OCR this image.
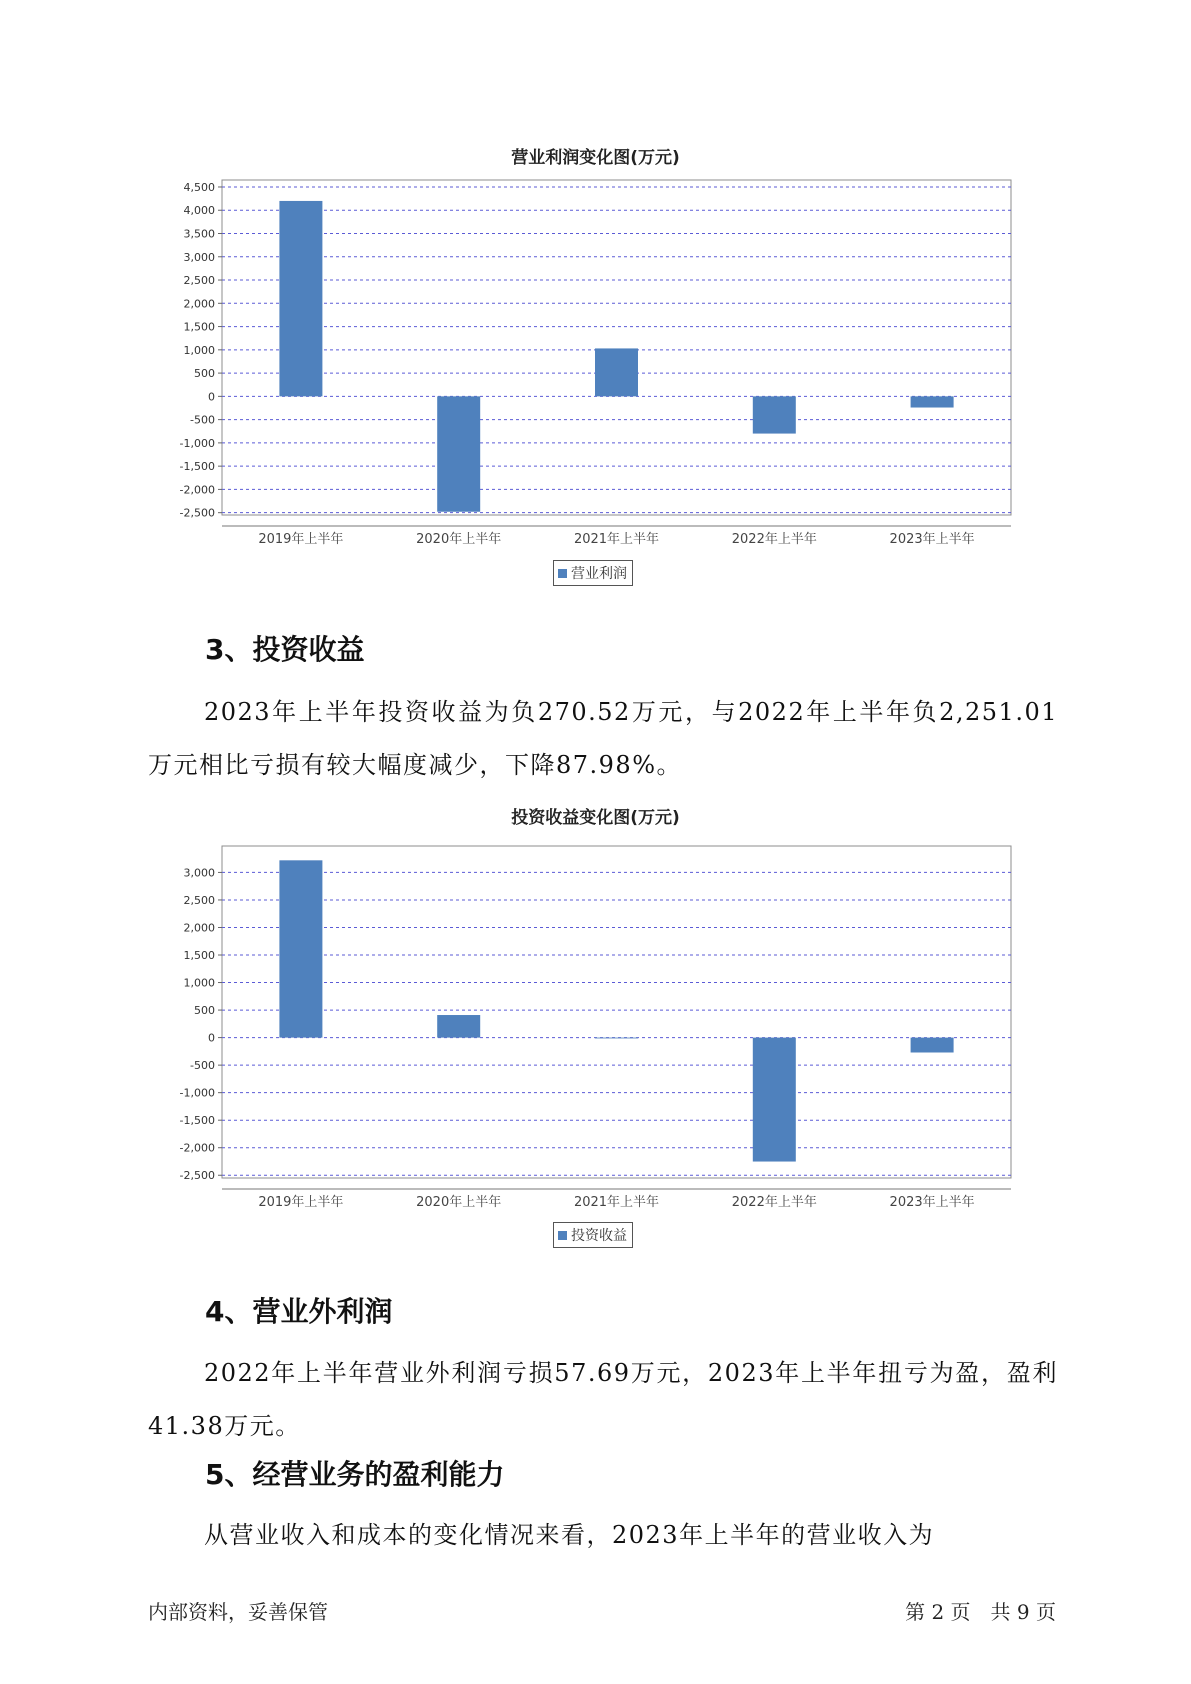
营业利润变化图(万元)
4,500
4,000
3,500
3,000
2,500
2,000
1,500
1,000
500
0
-500
-1,000
-1,500
-2,000
-2,500
2019年上半年	2020年上半年	2021年上半年	2022年上半年	2023年上半年
营业利润
3、投资收益
2023年上半年投资收益为负270.52万元，与2022年上半年负2,251.01万元相比亏损有较大幅度减少，下降87.98%。
投资收益变化图(万元)
3,000
2,500
2,000
1,500
1,000
500
0
-500
-1,000
-1,500
-2,000
-2,500
2019年上半年	2020年上半年	2021年上半年	2022年上半年	2023年上半年
投资收益
4、营业外利润
2022年上半年营业外利润亏损57.69万元，2023年上半年扭亏为盈，盈利41.38万元。
5、经营业务的盈利能力
从营业收入和成本的变化情况来看，2023年上半年的营业收入为
内部资料，妥善保管	第 2 页　共 9 页
